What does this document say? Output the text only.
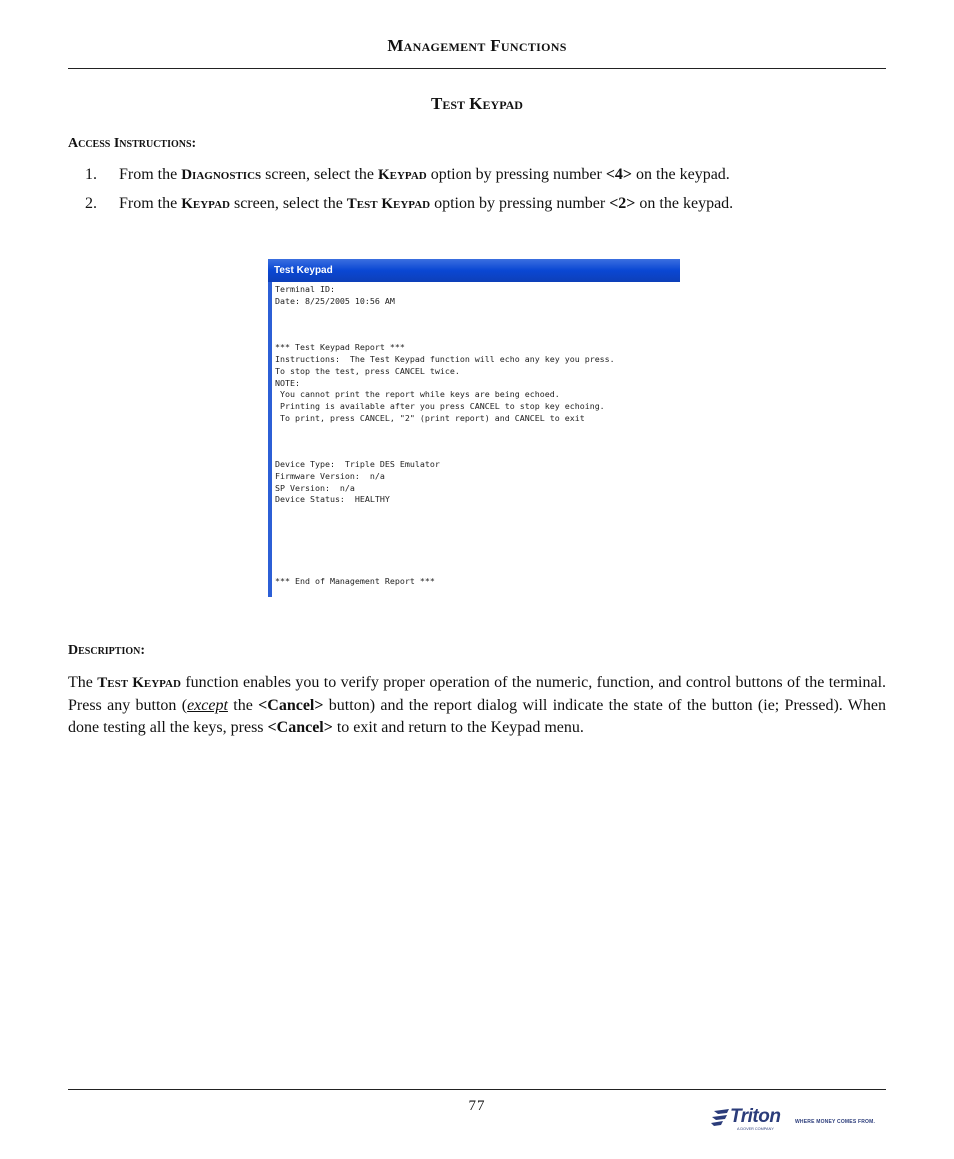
Management Functions
Test Keypad
Access Instructions:
1. From the Diagnostics screen, select the Keypad option by pressing number <4> on the keypad.
2. From the Keypad screen, select the Test Keypad option by pressing number <2> on the keypad.
Test Keypad
Terminal ID:
Date: 8/25/2005 10:56 AM
*** Test Keypad Report ***
Instructions:  The Test Keypad function will echo any key you press.
To stop the test, press CANCEL twice.
NOTE:
You cannot print the report while keys are being echoed.
Printing is available after you press CANCEL to stop key echoing.
To print, press CANCEL, "2" (print report) and CANCEL to exit
Device Type:  Triple DES Emulator
Firmware Version:  n/a
SP Version:  n/a
Device Status:  HEALTHY
*** End of Management Report ***
Description:

The Test Keypad function enables you to verify proper operation of the numeric, function, and control buttons of the terminal. Press any button (except the <Cancel> button) and the report dialog will indicate the state of the button (ie; Pressed). When done testing all the keys, press <Cancel> to exit and return to the Keypad menu.

77	Triton	WHERE MONEY COMES FROM.
A DOVER COMPANY
